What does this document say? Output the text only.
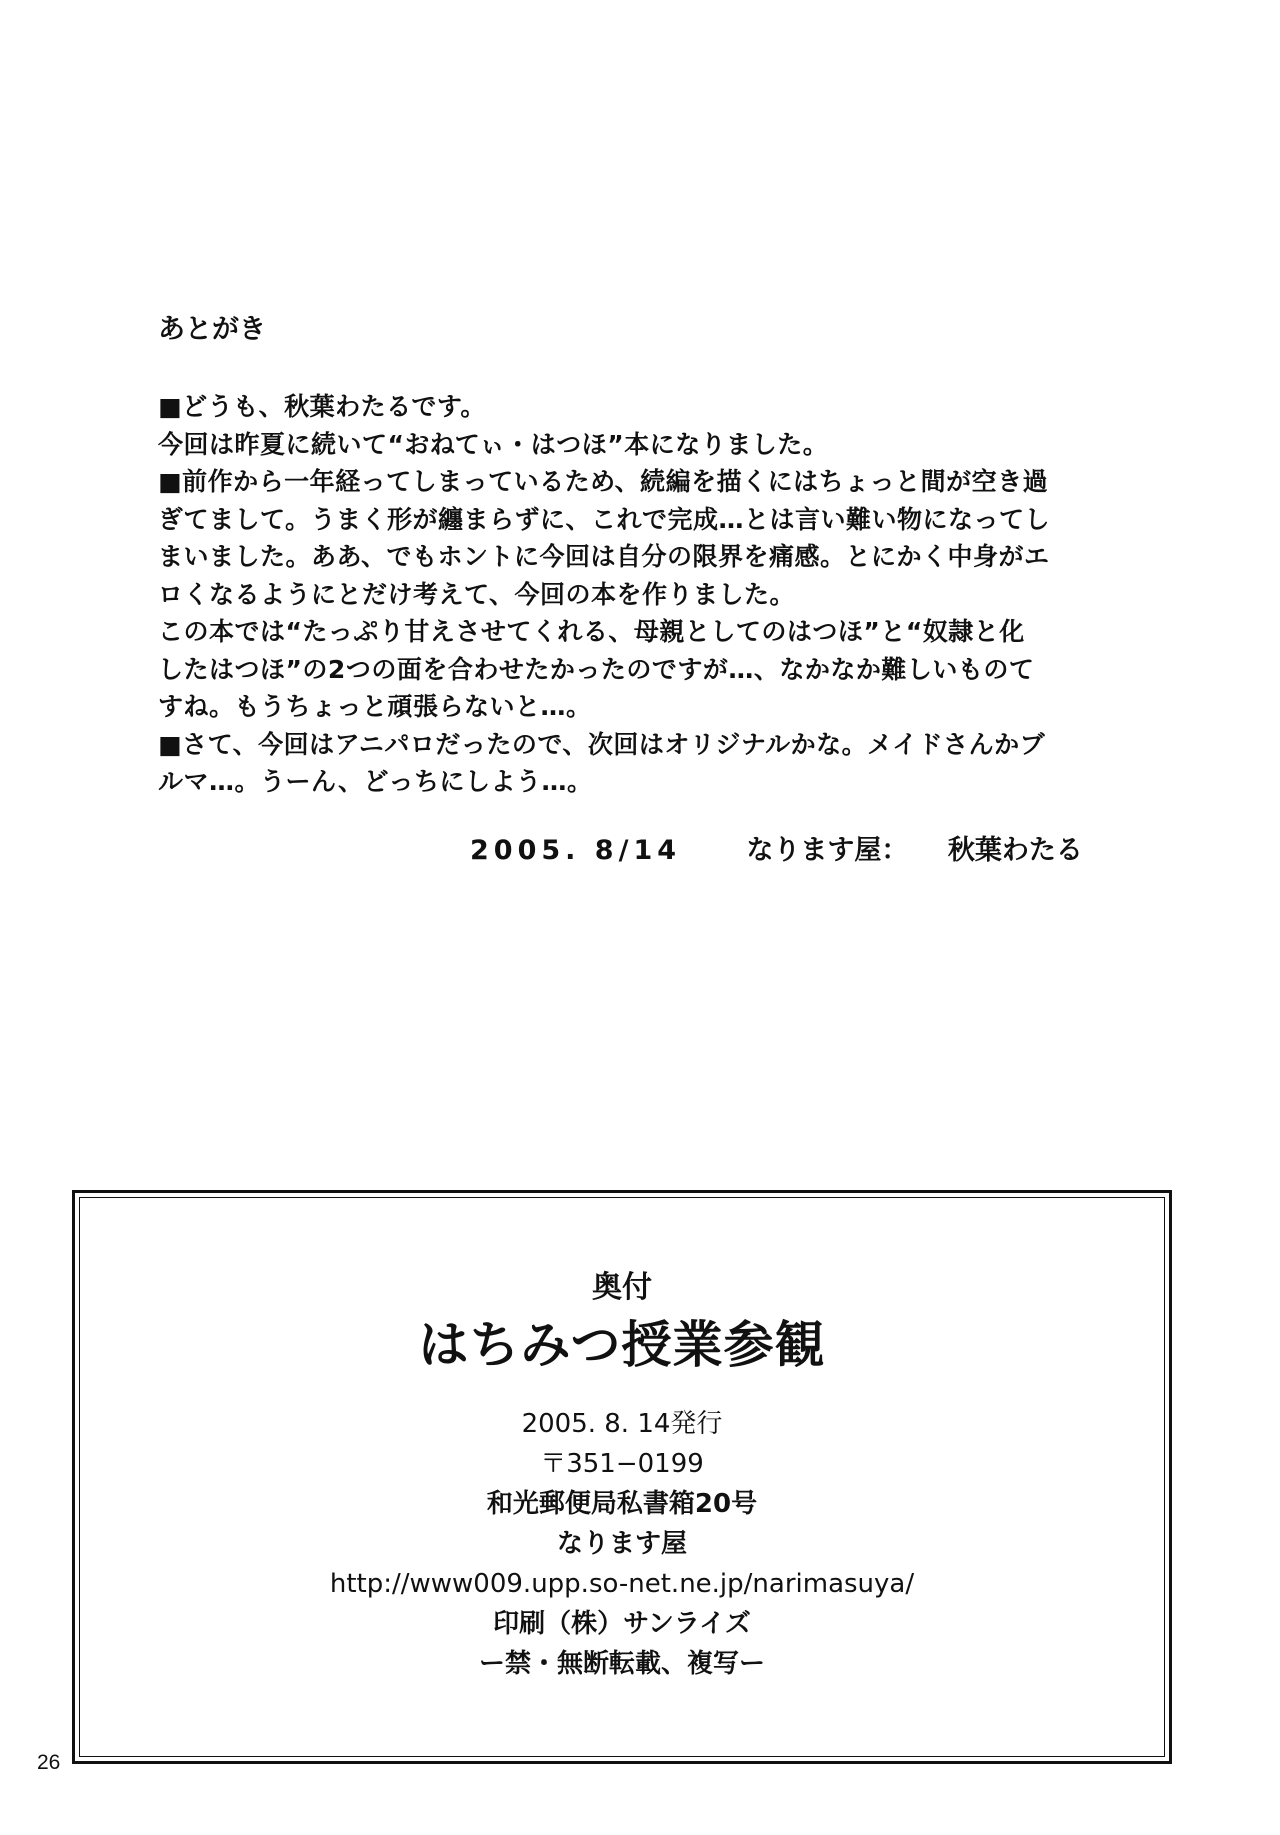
あとがき
■どうも、秋葉わたるです。
今回は昨夏に続いて“おねてぃ・はつほ”本になりました。
■前作から一年経ってしまっているため、続編を描くにはちょっと間が空き過
ぎてまして。うまく形が纏まらずに、これで完成…とは言い難い物になってし
まいました。ああ、でもホントに今回は自分の限界を痛感。とにかく中身がエ
ロくなるようにとだけ考えて、今回の本を作りました。
この本では“たっぷり甘えさせてくれる、母親としてのはつほ”と“奴隷と化
したはつほ”の2つの面を合わせたかったのですが…、なかなか難しいものて
すね。もうちょっと頑張らないと…。
■さて、今回はアニパロだったので、次回はオリジナルかな。メイドさんかブ
ルマ…。うーん、どっちにしよう…。
2005. 8/14 なります屋： 秋葉わたる
奥付
はちみつ授業参観
2005. 8. 14発行
〒351−0199
和光郵便局私書箱20号
なります屋
http://www009.upp.so-net.ne.jp/narimasuya/
印刷（株）サンライズ
ー禁・無断転載、複写ー
26
